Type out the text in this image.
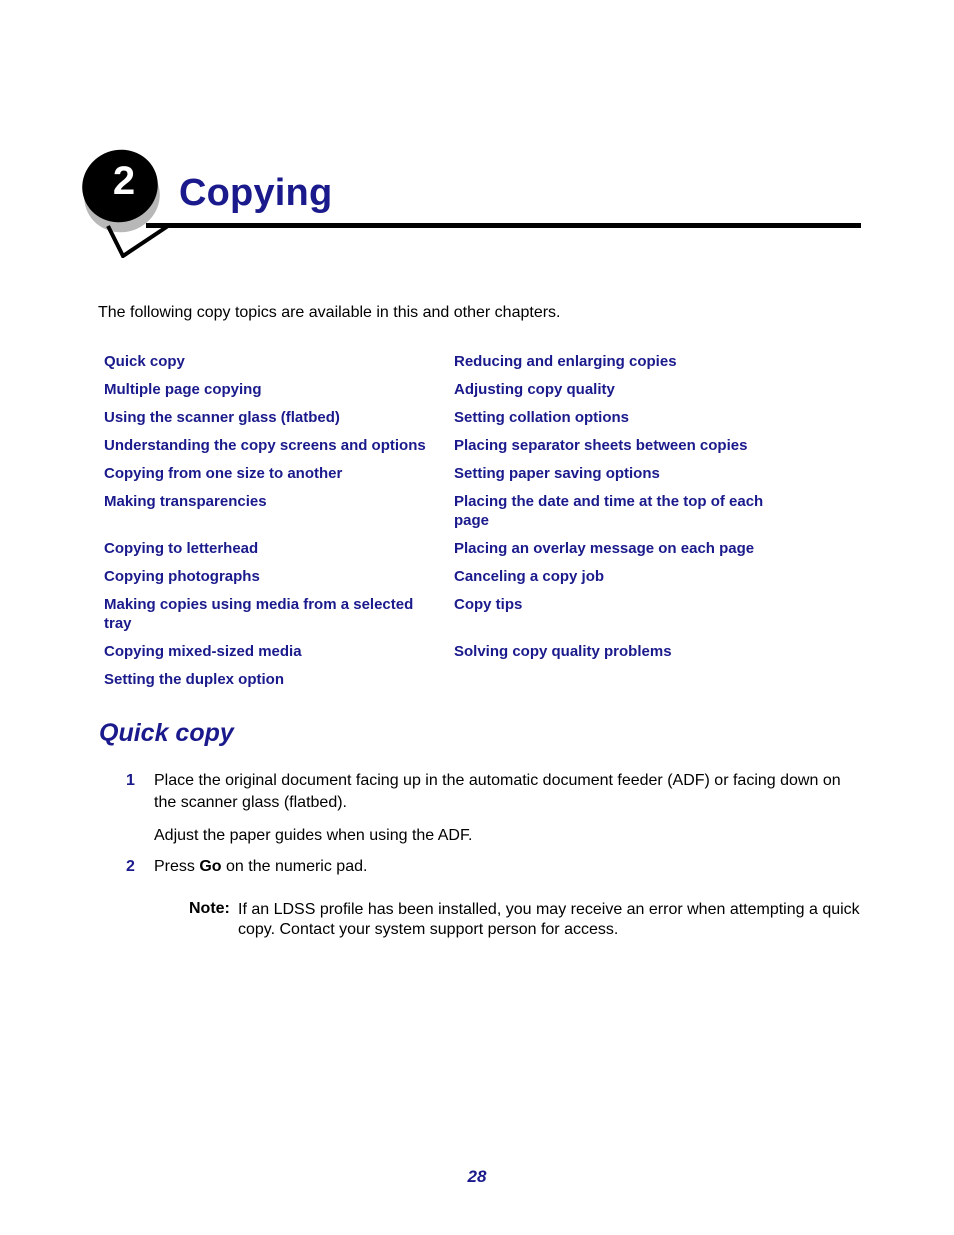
2 Copying

The following copy topics are available in this and other chapters.

Quick copy
Multiple page copying
Using the scanner glass (flatbed)
Understanding the copy screens and options
Copying from one size to another
Making transparencies
Copying to letterhead
Copying photographs
Making copies using media from a selected tray
Copying mixed-sized media
Setting the duplex option
Reducing and enlarging copies
Adjusting copy quality
Setting collation options
Placing separator sheets between copies
Setting paper saving options
Placing the date and time at the top of each page
Placing an overlay message on each page
Canceling a copy job
Copy tips
Solving copy quality problems
Quick copy
1 Place the original document facing up in the automatic document feeder (ADF) or facing down on the scanner glass (flatbed).

Adjust the paper guides when using the ADF.

2 Press Go on the numeric pad.

Note: If an LDSS profile has been installed, you may receive an error when attempting a quick copy. Contact your system support person for access.

28
